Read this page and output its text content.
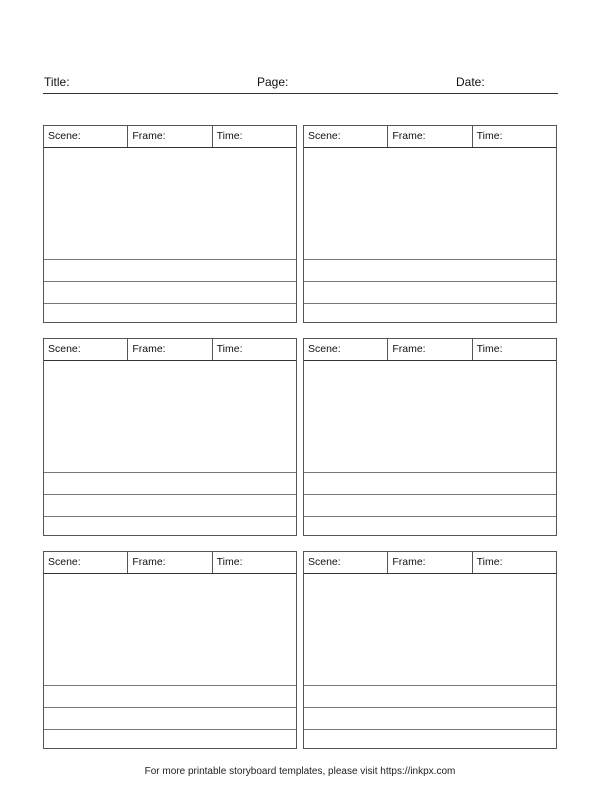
Title:	Page:	Date:
Scene:	Frame:	Time:	Scene:	Frame:	Time:
Scene:	Frame:	Time:	Scene:	Frame:	Time:
Scene:	Frame:	Time:	Scene:	Frame:	Time:
For more printable storyboard templates, please visit https://inkpx.com
